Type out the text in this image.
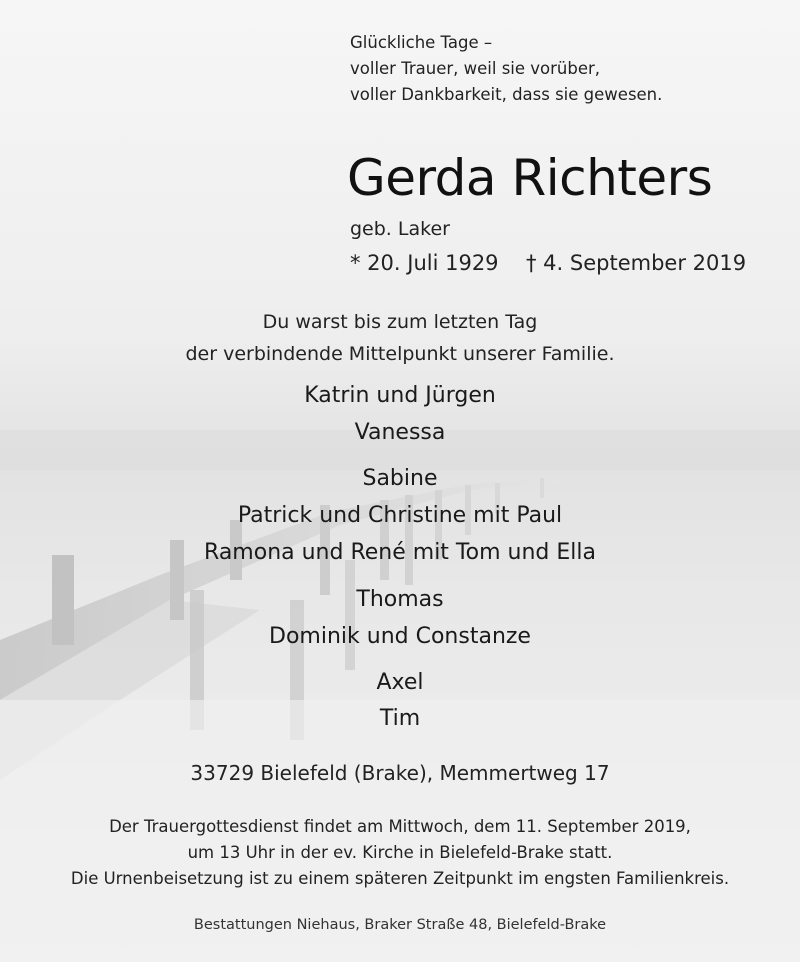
Glückliche Tage –
voller Trauer, weil sie vorüber,
voller Dankbarkeit, dass sie gewesen.
Gerda Richters
geb. Laker
* 20. Juli 1929 † 4. September 2019
Du warst bis zum letzten Tag
der verbindende Mittelpunkt unserer Familie.
Katrin und Jürgen
Vanessa
Sabine
Patrick und Christine mit Paul
Ramona und René mit Tom und Ella
Thomas
Dominik und Constanze
Axel
Tim
33729 Bielefeld (Brake), Memmertweg 17
Der Trauergottesdienst findet am Mittwoch, dem 11. September 2019,
um 13 Uhr in der ev. Kirche in Bielefeld-Brake statt.
Die Urnenbeisetzung ist zu einem späteren Zeitpunkt im engsten Familienkreis.
Bestattungen Niehaus, Braker Straße 48, Bielefeld-Brake
